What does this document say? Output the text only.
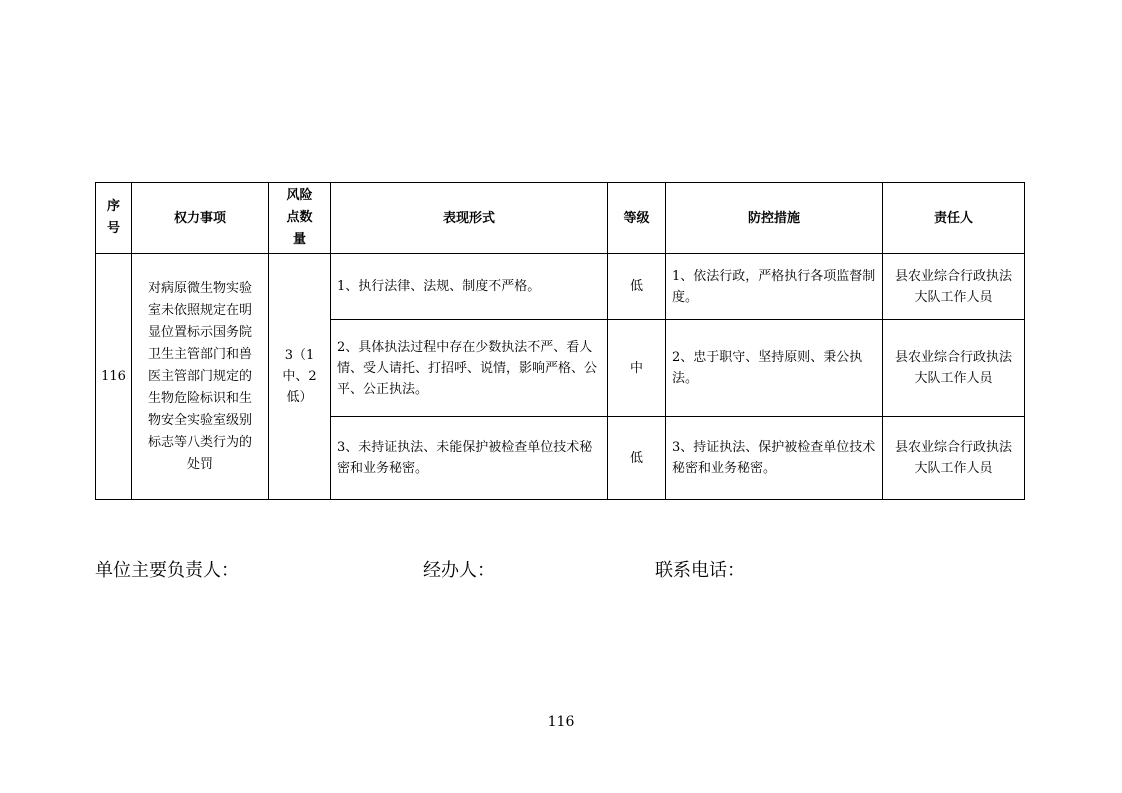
序号	权力事项	风险点数量	表现形式	等级	防控措施	责任人
116	对病原微生物实验室未依照规定在明显位置标示国务院卫生主管部门和兽医主管部门规定的生物危险标识和生物安全实验室级别标志等八类行为的处罚	3（1中、2低）	1、执行法律、法规、制度不严格。	低	1、依法行政，严格执行各项监督制度。	县农业综合行政执法大队工作人员
			2、具体执法过程中存在少数执法不严、看人情、受人请托、打招呼、说情，影响严格、公平、公正执法。	中	2、忠于职守、坚持原则、秉公执法。	县农业综合行政执法大队工作人员
			3、未持证执法、未能保护被检查单位技术秘密和业务秘密。	低	3、持证执法、保护被检查单位技术秘密和业务秘密。	县农业综合行政执法大队工作人员
单位主要负责人：	经办人：	联系电话：
116
